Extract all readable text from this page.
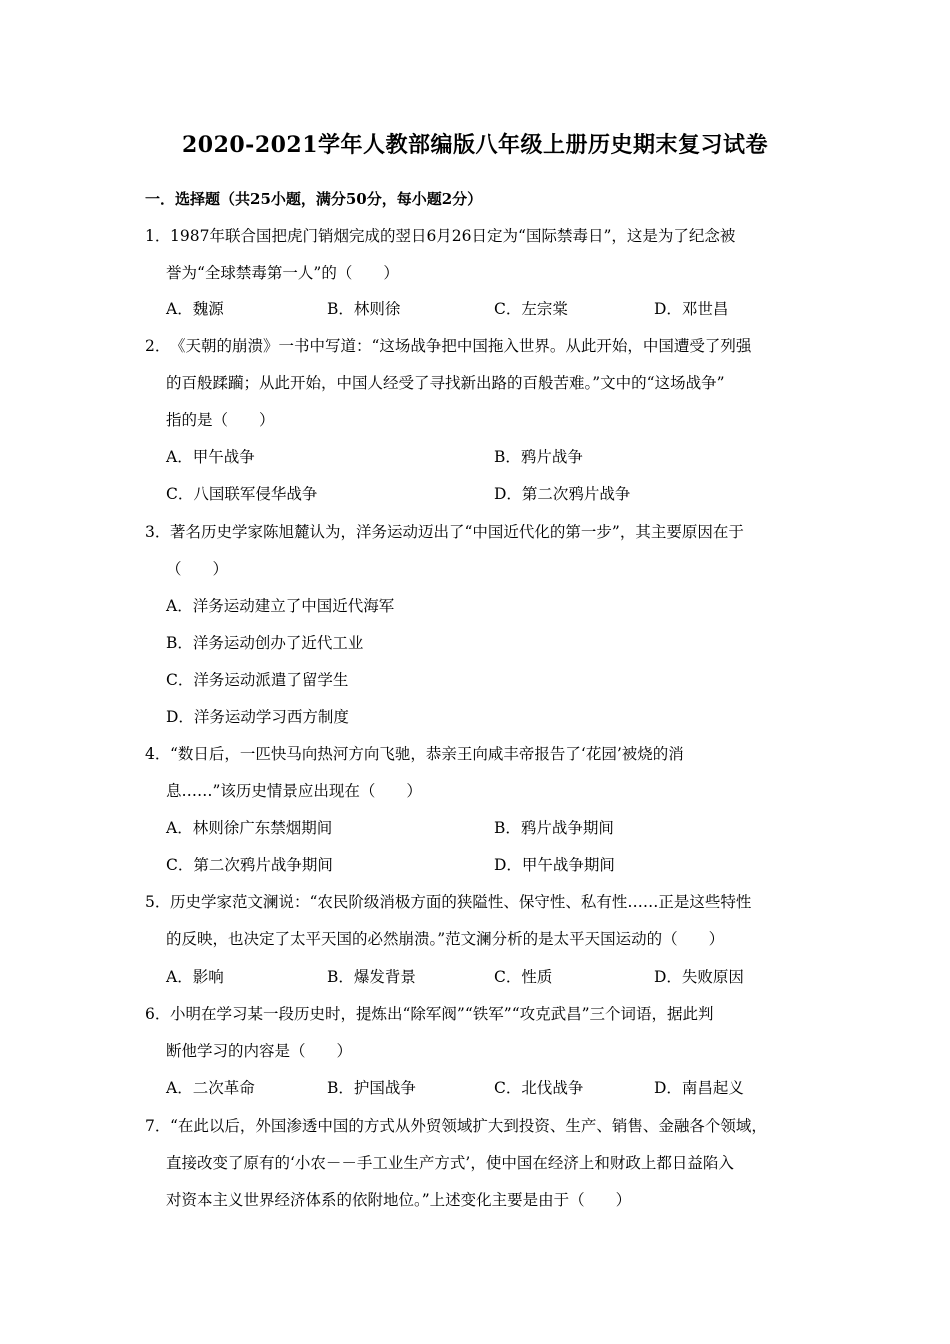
2020-2021学年人教部编版八年级上册历史期末复习试卷
一．选择题（共25小题，满分50分，每小题2分）
1． 1987年联合国把虎门销烟完成的翌日6月26日定为“国际禁毒日”，这是为了纪念被
誉为“全球禁毒第一人”的（　　）
A．魏源	B．林则徐	C．左宗棠	D．邓世昌
2． 《天朝的崩溃》一书中写道：“这场战争把中国拖入世界。从此开始，中国遭受了列强
的百般蹂躏；从此开始，中国人经受了寻找新出路的百般苦难。”文中的“这场战争”
指的是（　　）
A．甲午战争	B．鸦片战争
C．八国联军侵华战争	D．第二次鸦片战争
3． 著名历史学家陈旭麓认为，洋务运动迈出了“中国近代化的第一步”，其主要原因在于
（　　）
A．洋务运动建立了中国近代海军
B．洋务运动创办了近代工业
C．洋务运动派遣了留学生
D．洋务运动学习西方制度
4． “数日后，一匹快马向热河方向飞驰，恭亲王向咸丰帝报告了‘花园’被烧的消
息……”该历史情景应出现在（　　）
A．林则徐广东禁烟期间	B．鸦片战争期间
C．第二次鸦片战争期间	D．甲午战争期间
5． 历史学家范文澜说：“农民阶级消极方面的狭隘性、保守性、私有性……正是这些特性
的反映，也决定了太平天国的必然崩溃。”范文澜分析的是太平天国运动的（　　）
A．影响	B．爆发背景	C．性质	D．失败原因
6． 小明在学习某一段历史时，提炼出“除军阀”“铁军”“攻克武昌”三个词语，据此判
断他学习的内容是（　　）
A．二次革命	B．护国战争	C．北伐战争	D．南昌起义
7． “在此以后，外国渗透中国的方式从外贸领域扩大到投资、生产、销售、金融各个领域，
直接改变了原有的‘小农－－手工业生产方式’，使中国在经济上和财政上都日益陷入
对资本主义世界经济体系的依附地位。”上述变化主要是由于（　　）
